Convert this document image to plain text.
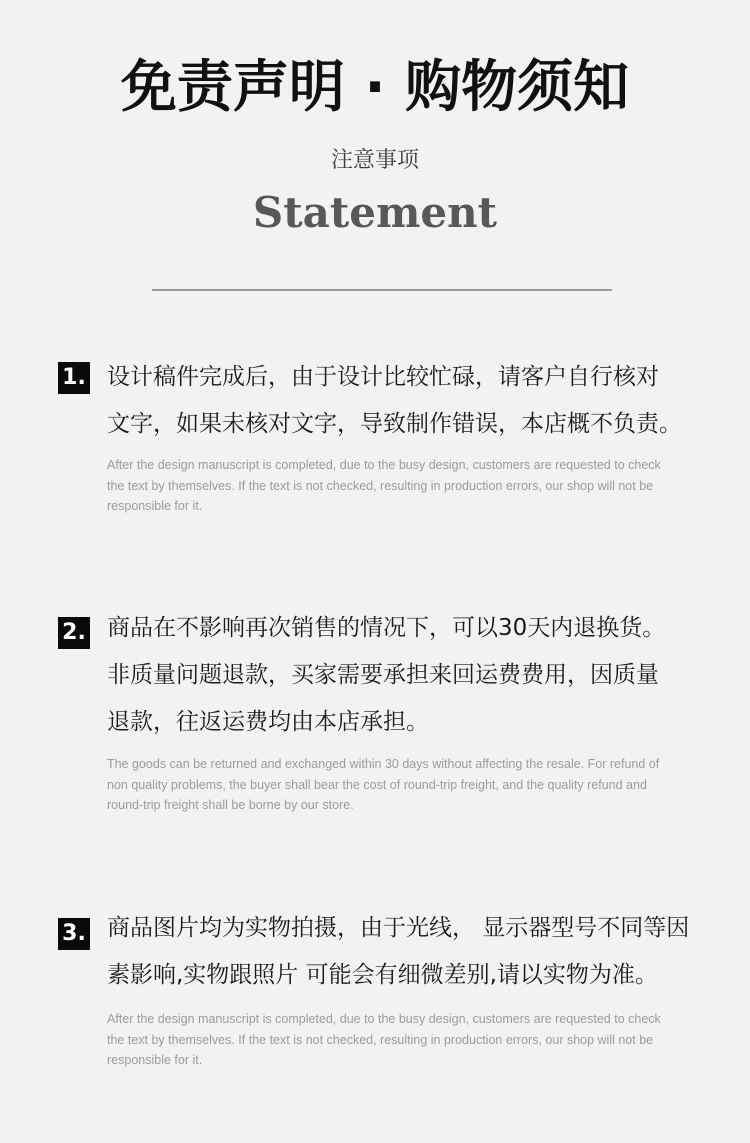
免责声明 · 购物须知
注意事项
Statement
1. 设计稿件完成后，由于设计比较忙碌，请客户自行核对
文字，如果未核对文字，导致制作错误，本店概不负责。
After the design manuscript is completed, due to the busy design, customers are requested to check
the text by themselves. If the text is not checked, resulting in production errors, our shop will not be
responsible for it.
2. 商品在不影响再次销售的情况下，可以30天内退换货。
非质量问题退款，买家需要承担来回运费费用，因质量
退款，往返运费均由本店承担。
The goods can be returned and exchanged within 30 days without affecting the resale. For refund of
non quality problems, the buyer shall bear the cost of round-trip freight, and the quality refund and
round-trip freight shall be borne by our store.
3. 商品图片均为实物拍摄，由于光线， 显示器型号不同等因
素影响,实物跟照片 可能会有细微差别,请以实物为准。
After the design manuscript is completed, due to the busy design, customers are requested to check
the text by themselves. If the text is not checked, resulting in production errors, our shop will not be
responsible for it.
